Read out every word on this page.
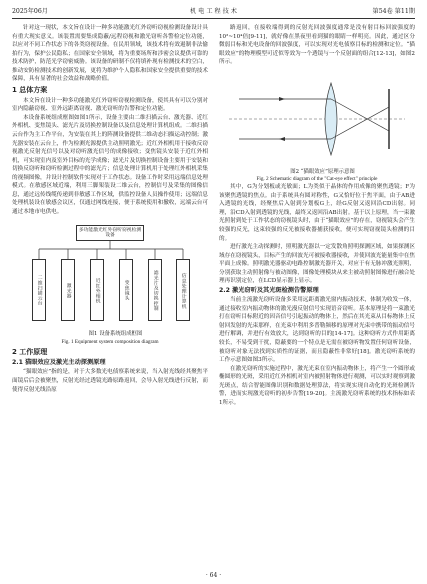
2025年06月	机 电 工 程 技 术	第54卷 第11期

针对这一现状，本文旨在设计一种多功能激光红外窃听窃视检测设备设计具有重大现实意义。该装置需要集成隐蔽/远程窃视和激光窃听各警检定位功能，以应对不同工作状态下的各类窃视设备。在民用领域，该技术将有效遏制非法偷拍行为，保护公民隐私；在国家安全领域，将为重要场所和涉密会议提供可靠的技术防护，防范光学窃密威胁。该设备的研制不仅将填补现有检测技术的空白，推动安防检测技术的创新发展，更将为维护个人隐私和国家安全提供重要的技术保障，具有显著的社会效益和战略价值。

1 总体方案

本文旨在设计一种多功能激光红外窃听窃视检测设备，使其具有可以分别对室内隐蔽窃视、室外远距离窃视、激光窃听的告警和定位功能。

本设备系统组成框图如图1所示，设备主要由二维扫描云台、激光器、近红外相机、变焦镜头、滤光片及切换控制设备以及信息处理计算机组成。二维扫描云台作为主工作平台，为安装在其上的阵测设备提供二维动态扫描运动控制；激光器安装在云台上，作为检测光源提供主动照明激光；近红外相机用于接收反窃视激光反射光信号以及对窃听激光信号的成像接收；变焦镜头安装于近红外相机，可实现室内及室外目标的光学成像；滤光片及切换控制设备主要用于安装和切换反窃听和窃听检测过程中的滤光片；信息处理计算机用于处理红外相机采集的视频图像，并设计控制软件实现对于工作状态。设备工作时采用远端信息处理模式。在敏感区域近端，利用三脚架装设二维云台，控制信号及采集的图像信息，通过远传线缆传递到非敏感工作区域，供监控设备人员操作使用；远端信息处理机装设在敏感会议区，仅通过网线连接，便于系统使用和撤收，远端云台可通过本地市电供电。

多功能激光红外窃听窃视检测设备
二维扫描云台	激光器	近红外相机	变焦镜头	滤光片及切换控制	信息处理计算机

图1 设备系统组成框图

Fig. 1 Equipment system composition diagram

2 工作原理
2.1 猫眼效应及激光主动探测原理

“猫眼效应”指的是，对于大多数光电侦察系统来说，当入射光线经其聚焦平面镜后后会被聚焦，反射光经过透镜光路原路返回，会导入射光线进行反射，而使得反射光线沿原

路返回，在接收端得到的反射光回波强度通常是没有射目标回波强度的10²~10⁴倍[9-11]，就好像在黑夜里看到猫的眼睛一样明亮。因此，通过区分微弱目标和光电设备的回波强度，可以实现对光电侦察目标的检测和定位。“猫眼效应”的物理模型可近似等效为一个透镜与一个反射面的组合[12-13]，如图2所示。

图2 “猫眼效应”原理示意图

Fig. 2 Schematic diagram of the "Cat-eye effect" principle

其中，G为分划板或光敏面；L为类似于晶体的作用成像的聚焦透镜；F为该聚焦透镜的焦点。由于系统具有圆对称性，G又恰好位于焦平面，由于AB进入透镜的光线，经聚焦后入射到分划板G上，经G反射又返回沿CD出射。同理，沿CD入射到透镜的光线，最终又返回沿AB出射。基于以上原理，当一束激光照射到处于工作状态的窃视镜头时，由于“猫眼效应”的存在，窃视镜头会产生较强的反光，这束较强的反光被接收器捕获接收，便可实现窃视镜头检测的目的。

进行激光主动探测时，照明激光器以一定发散角照明探测区域，如果探测区域存在窃视镜头，目标产生的回波光可被接收器接收，并使回波光能量集中在焦平面上成像。照明激光器驱动电路控制激光器开关，对应于有无脉冲激光照明，分别获取主动照射像与被动图像，图像处理模块从来主被动照射图像进行融合处理再识别定位，在LCD显示器上显示。

2.2 激光窃听及其光斑检测告警原理

当前主流激光窃听设备多采用远距离激光窗内振动技术，体制为收发一体，通过接收室内振动物体的激光漫反射信号实现语音窃听。基本原理是将一束激光打在窃听目标附近的因音信号引起振动的物体上，然后在其光束从目标物体上反射回发射的光束那样，在光束中利用多普勒频移的原理对光束中携带的振动信号进行解调，并进行有效放大，达到窃听的目的[14-17]。这种窃听方式作用距离较长，不易受到干扰，隐蔽要的一个特点是无需在被窃听物发置任何窃听设备，被窃听对象无法找到实质性的证据，而且隐蔽性非常好[18]。激光窃听系统的工作示意图如图3所示。

在激光窃听的实施过程中，激光光束在室内振动物体上，将产生一个圆形或椭圆形的光斑，采用近红外相机对室内被照射物体进行观测，可以实时观察到激光斑点，结合智能图像识别和数据处理算法，将实现实现自动化的光斑检测告警，进而实现激光窃听的初步告警[19-20]。主流激光窃听系统的技术指标如表1所示。

· 64 ·
